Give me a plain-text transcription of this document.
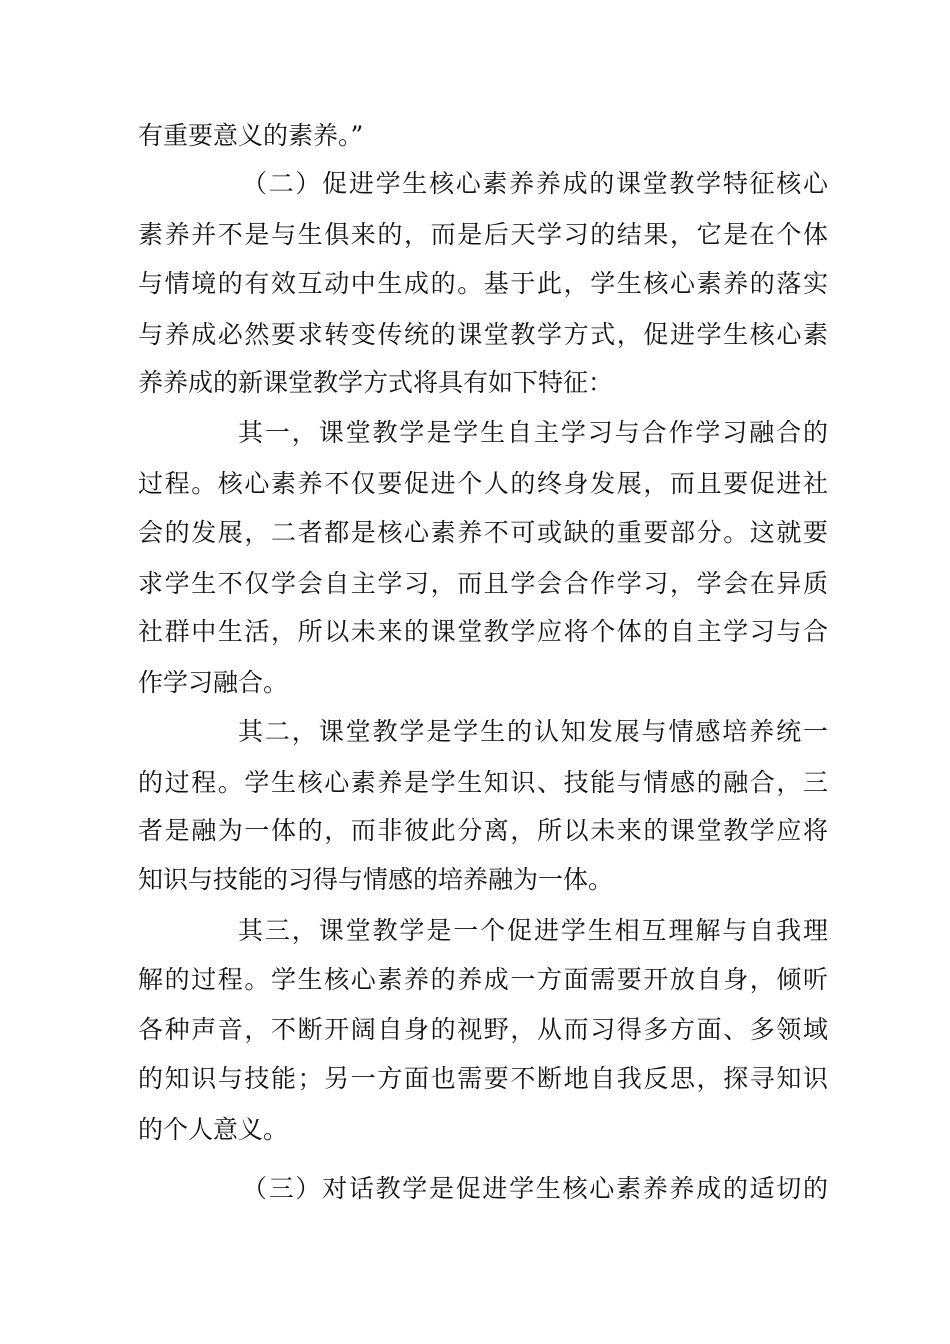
有重要意义的素养。”
（二）促进学生核心素养养成的课堂教学特征核心
素养并不是与生俱来的，而是后天学习的结果，它是在个体
与情境的有效互动中生成的。基于此，学生核心素养的落实
与养成必然要求转变传统的课堂教学方式，促进学生核心素
养养成的新课堂教学方式将具有如下特征：
其一，课堂教学是学生自主学习与合作学习融合的
过程。核心素养不仅要促进个人的终身发展，而且要促进社
会的发展，二者都是核心素养不可或缺的重要部分。这就要
求学生不仅学会自主学习，而且学会合作学习，学会在异质
社群中生活，所以未来的课堂教学应将个体的自主学习与合
作学习融合。
其二，课堂教学是学生的认知发展与情感培养统一
的过程。学生核心素养是学生知识、技能与情感的融合，三
者是融为一体的，而非彼此分离，所以未来的课堂教学应将
知识与技能的习得与情感的培养融为一体。
其三，课堂教学是一个促进学生相互理解与自我理
解的过程。学生核心素养的养成一方面需要开放自身，倾听
各种声音，不断开阔自身的视野，从而习得多方面、多领域
的知识与技能；另一方面也需要不断地自我反思，探寻知识
的个人意义。
（三）对话教学是促进学生核心素养养成的适切的
